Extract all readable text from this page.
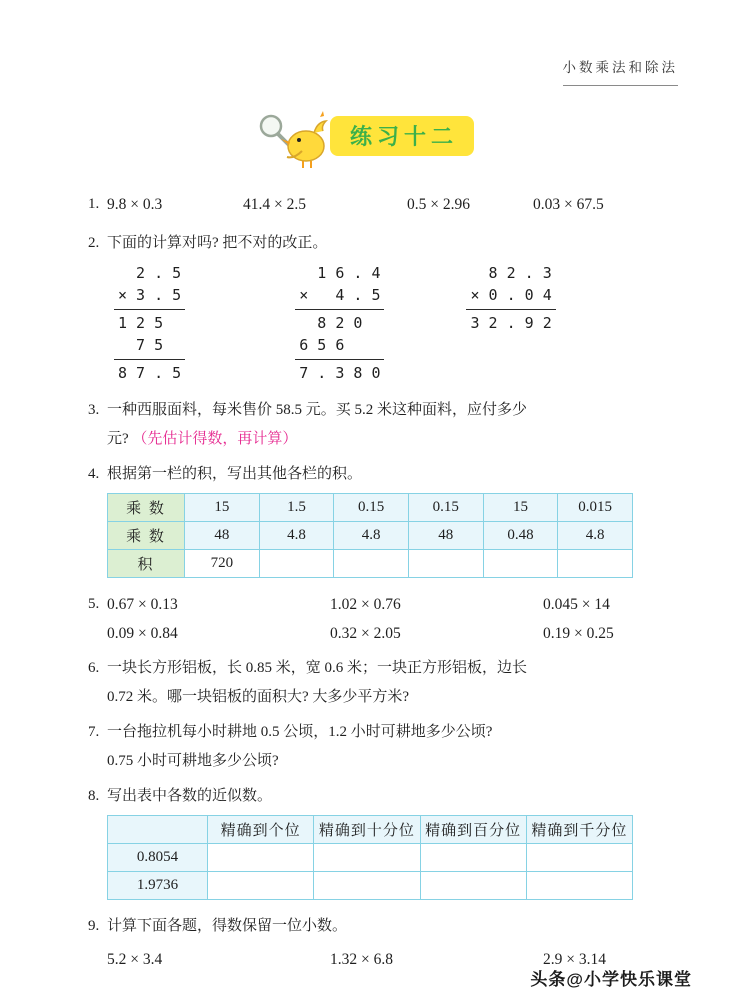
小数乘法和除法
练习十二
1. 9.8 × 0.3	41.4 × 2.5	0.5 × 2.96	0.03 × 67.5
2. 下面的计算对吗? 把不对的改正。
2 . 5
× 3 . 5
1 2 5
7 5
8 7 . 5
1 6 . 4
×   4 . 5
8 2 0
6 5 6
7 . 3 8 0
8 2 . 3
× 0 . 0 4
3 2 . 9 2
3. 一种西服面料，每米售价 58.5 元。买 5.2 米这种面料，应付多少
元? （先估计得数，再计算）
4. 根据第一栏的积，写出其他各栏的积。
乘 数	15	1.5	0.15	0.15	15	0.015
乘 数	48	4.8	4.8	48	0.48	4.8
积	720					
5. 0.67 × 0.13	1.02 × 0.76	0.045 × 14
0.09 × 0.84	0.32 × 2.05	0.19 × 0.25
6. 一块长方形铝板，长 0.85 米，宽 0.6 米；一块正方形铝板，边长
0.72 米。哪一块铝板的面积大? 大多少平方米?
7. 一台拖拉机每小时耕地 0.5 公顷，1.2 小时可耕地多少公顷?
0.75 小时可耕地多少公顷?
8. 写出表中各数的近似数。
	精确到个位	精确到十分位	精确到百分位	精确到千分位
0.8054				
1.9736				
9. 计算下面各题，得数保留一位小数。
5.2 × 3.4	1.32 × 6.8	2.9 × 3.14
头条@小学快乐课堂
